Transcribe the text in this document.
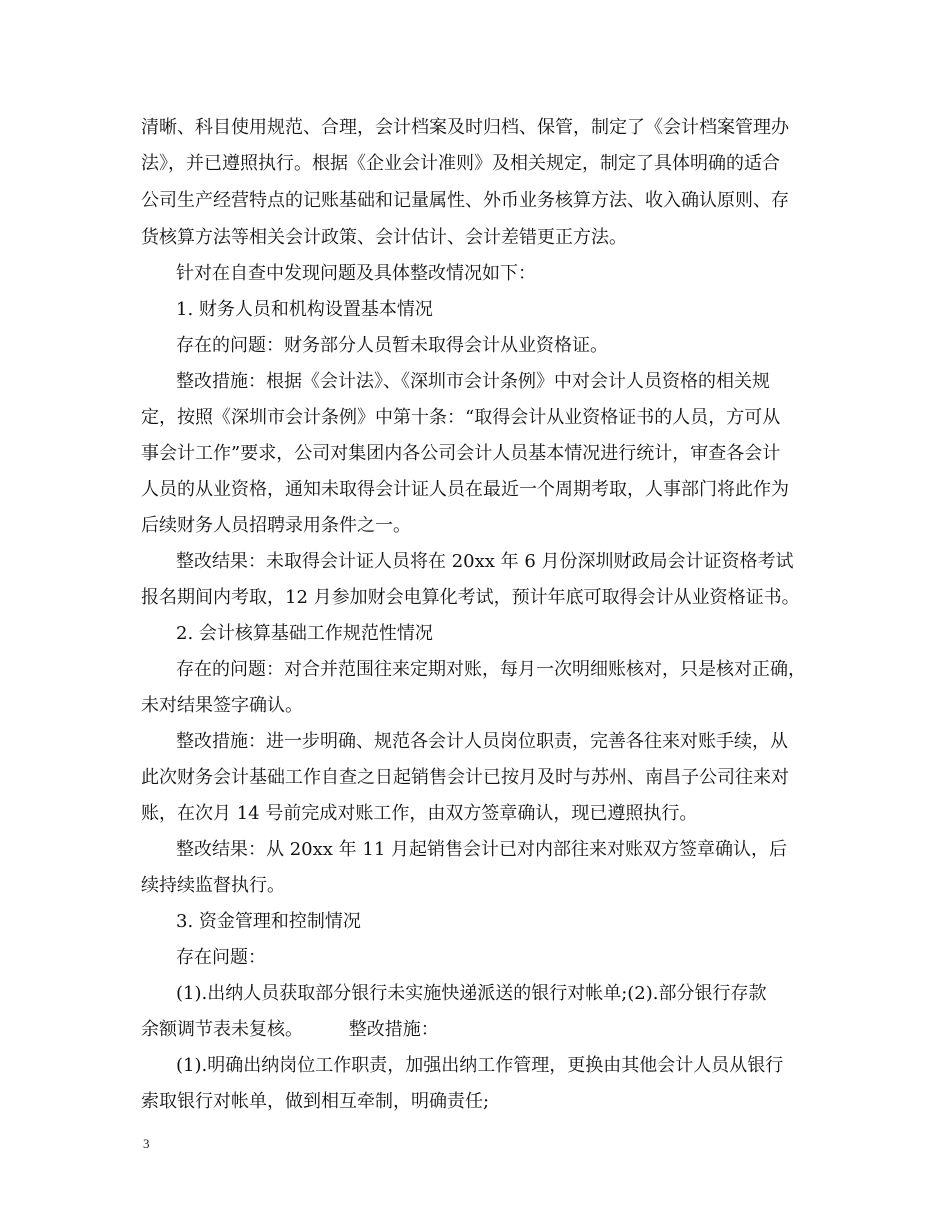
清晰、科目使用规范、合理，会计档案及时归档、保管，制定了《会计档案管理办
法》，并已遵照执行。根据《企业会计准则》及相关规定，制定了具体明确的适合
公司生产经营特点的记账基础和记量属性、外币业务核算方法、收入确认原则、存
货核算方法等相关会计政策、会计估计、会计差错更正方法。
针对在自查中发现问题及具体整改情况如下：
1. 财务人员和机构设置基本情况
存在的问题：财务部分人员暂未取得会计从业资格证。
整改措施：根据《会计法》、《深圳市会计条例》中对会计人员资格的相关规
定，按照《深圳市会计条例》中第十条：“取得会计从业资格证书的人员，方可从
事会计工作”要求，公司对集团内各公司会计人员基本情况进行统计，审查各会计
人员的从业资格，通知未取得会计证人员在最近一个周期考取，人事部门将此作为
后续财务人员招聘录用条件之一。
整改结果：未取得会计证人员将在 20xx 年 6 月份深圳财政局会计证资格考试
报名期间内考取，12 月参加财会电算化考试，预计年底可取得会计从业资格证书。
2. 会计核算基础工作规范性情况
存在的问题：对合并范围往来定期对账，每月一次明细账核对，只是核对正确，
未对结果签字确认。
整改措施：进一步明确、规范各会计人员岗位职责，完善各往来对账手续，从
此次财务会计基础工作自查之日起销售会计已按月及时与苏州、南昌子公司往来对
账，在次月 14 号前完成对账工作，由双方签章确认，现已遵照执行。
整改结果：从 20xx 年 11 月起销售会计已对内部往来对账双方签章确认，后
续持续监督执行。
3. 资金管理和控制情况
存在问题：
(1).出纳人员获取部分银行未实施快递派送的银行对帐单;(2).部分银行存款
余额调节表未复核。        整改措施：
(1).明确出纳岗位工作职责，加强出纳工作管理，更换由其他会计人员从银行
索取银行对帐单，做到相互牵制，明确责任;
3
